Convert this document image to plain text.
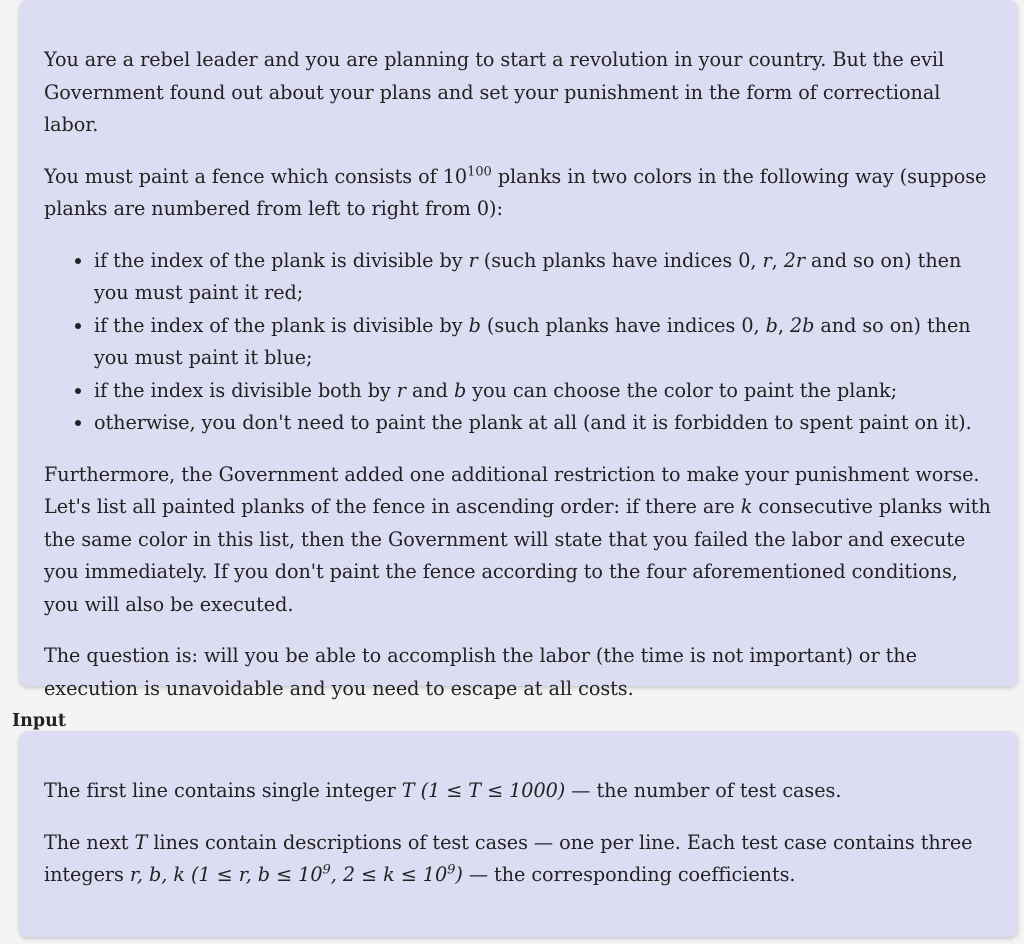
You are a rebel leader and you are planning to start a revolution in your country. But the evil Government found out about your plans and set your punishment in the form of correctional labor.

You must paint a fence which consists of $10^{100}$ planks in two colors in the following way (suppose planks are numbered from left to right from 0):

• if the index of the plank is divisible by r (such planks have indices 0, r, 2r and so on) then you must paint it red;
• if the index of the plank is divisible by b (such planks have indices 0, b, 2b and so on) then you must paint it blue;
• if the index is divisible both by r and b you can choose the color to paint the plank;
• otherwise, you don't need to paint the plank at all (and it is forbidden to spent paint on it).

Furthermore, the Government added one additional restriction to make your punishment worse. Let's list all painted planks of the fence in ascending order: if there are k consecutive planks with the same color in this list, then the Government will state that you failed the labor and execute you immediately. If you don't paint the fence according to the four aforementioned conditions, you will also be executed.

The question is: will you be able to accomplish the labor (the time is not important) or the execution is unavoidable and you need to escape at all costs.

Input

The first line contains single integer T (1 ≤ T ≤ 1000) — the number of test cases.

The next T lines contain descriptions of test cases — one per line. Each test case contains three integers r, b, k (1 ≤ r, $b \le 10^9$, $2 \le k \le 10^9$) — the corresponding coefficients.
